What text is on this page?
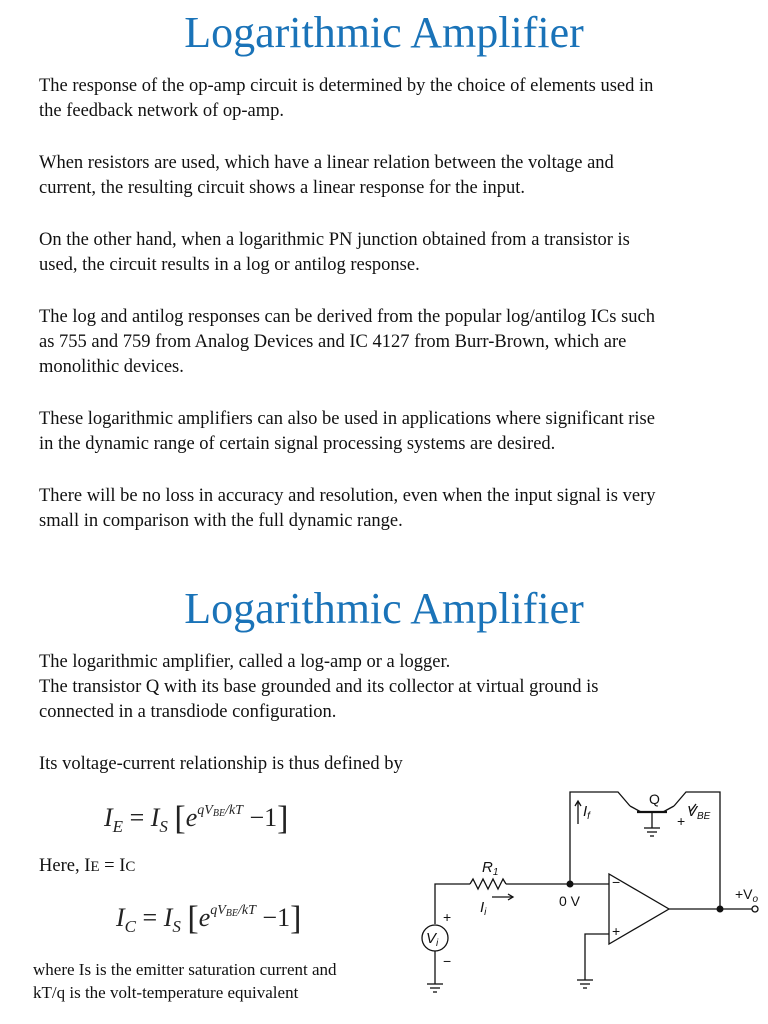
Logarithmic Amplifier

The response of the op-amp circuit is determined by the choice of elements used in
the feedback network of op-amp.

When resistors are used, which have a linear relation between the voltage and
current, the resulting circuit shows a linear response for the input.

On the other hand, when a logarithmic PN junction obtained from a transistor is
used, the circuit results in a log or antilog response.

The log and antilog responses can be derived from the popular log/antilog ICs such
as 755 and 759 from Analog Devices and IC 4127 from Burr-Brown, which are
monolithic devices.

These logarithmic amplifiers can also be used in applications where significant rise
in the dynamic range of certain signal processing systems are desired.

There will be no loss in accuracy and resolution, even when the input signal is very
small in comparison with the full dynamic range.

Logarithmic Amplifier

The logarithmic amplifier, called a log-amp or a logger.
The transistor Q with its base grounded and its collector at virtual ground is
connected in a transdiode configuration.

Its voltage-current relationship is thus defined by

$I_E = I_S$ $[e^{qVBE/kT} -1]$
Here, IE = IC
$I_C = I_S$ $[e^{qVBE/kT} -1]$

where Is is the emitter saturation current and
kT/q is the volt-temperature equivalent

$I_f$
Q
$V_{BE}$
+
$R_1$
$I_i$
0 V
−
+
+
−
$V_i$
$+V_o$
